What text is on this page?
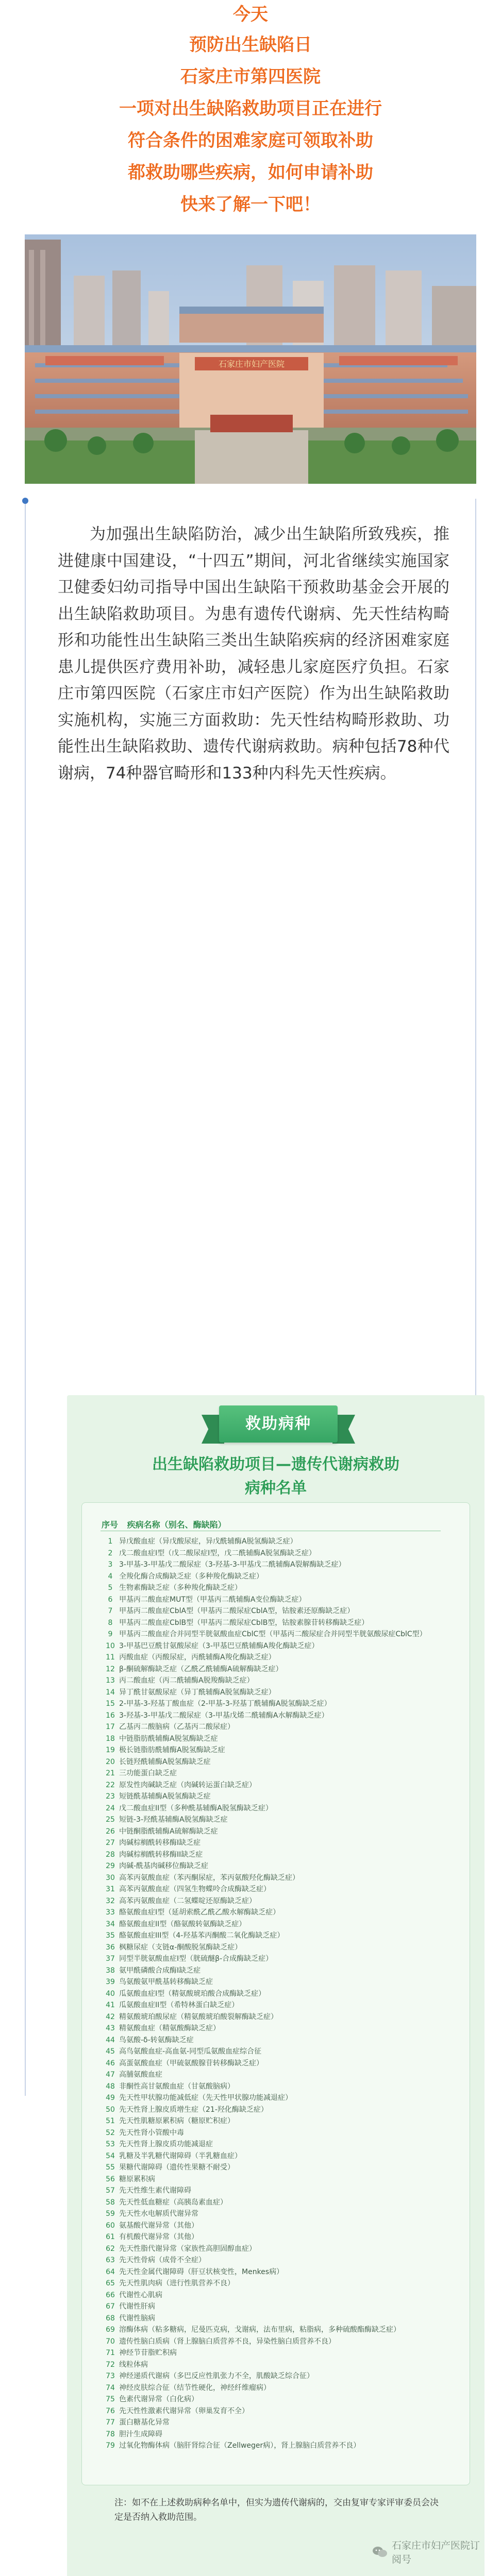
今天
预防出生缺陷日
石家庄市第四医院
一项对出生缺陷救助项目正在进行
符合条件的困难家庭可领取补助
都救助哪些疾病，如何申请补助
快来了解一下吧！
石家庄市妇产医院

为加强出生缺陷防治，减少出生缺陷所致残疾，推进健康中国建设，“十四五”期间，河北省继续实施国家卫健委妇幼司指导中国出生缺陷干预救助基金会开展的出生缺陷救助项目。为患有遗传代谢病、先天性结构畸形和功能性出生缺陷三类出生缺陷疾病的经济困难家庭患儿提供医疗费用补助，减轻患儿家庭医疗负担。石家庄市第四医院（石家庄市妇产医院）作为出生缺陷救助实施机构，实施三方面救助：先天性结构畸形救助、功能性出生缺陷救助、遗传代谢病救助。病种包括78种代谢病，74种器官畸形和133种内科先天性疾病。

救助病种
出生缺陷救助项目—遗传代谢病救助
病种名单
序号 疾病名称（别名、酶缺陷）
1 异戊酸血症（异戊酸尿症，异戊酰辅酶A脱氢酶缺乏症）
2 戊二酸血症I型（戊二酸尿症I型，戊二酰辅酶A脱氢酶缺乏症）
3 3-甲基-3-甲基戊二酸尿症（3-羟基-3-甲基戊二酰辅酶A裂解酶缺乏症）
4 全羧化酶合成酶缺乏症（多种羧化酶缺乏症）
5 生物素酶缺乏症（多种羧化酶缺乏症）
6 甲基丙二酸血症MUT型（甲基丙二酰辅酶A变位酶缺乏症）
7 甲基丙二酸血症CblA型（甲基丙二酸尿症CblA型，钴胺素还原酶缺乏症）
8 甲基丙二酸血症CblB型（甲基丙二酸尿症CblB型，钴胺素腺苷转移酶缺乏症）
9 甲基丙二酸血症合并同型半胱氨酸血症CblC型（甲基丙二酸尿症合并同型半胱氨酸尿症CblC型）
10 3-甲基巴豆酰甘氨酸尿症（3-甲基巴豆酰辅酶A羧化酶缺乏症）
11 丙酸血症（丙酸尿症，丙酰辅酶A羧化酶缺乏症）
12 β-酮硫解酶缺乏症（乙酰乙酰辅酶A硫解酶缺乏症）
13 丙二酸血症（丙二酰辅酶A脱羧酶缺乏症）
14 异丁酰甘氨酸尿症（异丁酰辅酶A脱氢酶缺乏症）
15 2-甲基-3-羟基丁酸血症（2-甲基-3-羟基丁酰辅酶A脱氢酶缺乏症）
16 3-羟基-3-甲基戊二酸尿症（3-甲基戊烯二酰辅酶A水解酶缺乏症）
17 乙基丙二酸脑病（乙基丙二酸尿症）
18 中链脂肪酰辅酶A脱氢酶缺乏症
19 极长链脂肪酰辅酶A脱氢酶缺乏症
20 长链羟酰辅酶A脱氢酶缺乏症
21 三功能蛋白缺乏症
22 原发性肉碱缺乏症（肉碱转运蛋白缺乏症）
23 短链酰基辅酶A脱氢酶缺乏症
24 戊二酸血症II型（多种酰基辅酶A脱氢酶缺乏症）
25 短链-3-羟酰基辅酶A脱氢酶缺乏症
26 中链酮脂酰辅酶A硫解酶缺乏症
27 肉碱棕榈酰转移酶I缺乏症
28 肉碱棕榈酰转移酶II缺乏症
29 肉碱-酰基肉碱移位酶缺乏症
30 高苯丙氨酸血症（苯丙酮尿症，苯丙氨酸羟化酶缺乏症）
31 高苯丙氨酸血症（四氢生物蝶呤合成酶缺乏症）
32 高苯丙氨酸血症（二氢蝶啶还原酶缺乏症）
33 酪氨酸血症I型（延胡索酰乙酰乙酸水解酶缺乏症）
34 酪氨酸血症II型（酪氨酸转氨酶缺乏症）
35 酪氨酸血症III型（4-羟基苯丙酮酸二氧化酶缺乏症）
36 枫糖尿症（支链α-酮酸脱氢酶缺乏症）
37 同型半胱氨酸血症I型（胱硫醚β-合成酶缺乏症）
38 氨甲酰磷酸合成酶I缺乏症
39 鸟氨酸氨甲酰基转移酶缺乏症
40 瓜氨酸血症I型（精氨酸琥珀酸合成酶缺乏症）
41 瓜氨酸血症II型（希特林蛋白缺乏症）
42 精氨酸琥珀酸尿症（精氨酸琥珀酸裂解酶缺乏症）
43 精氨酸血症（精氨酸酶缺乏症）
44 鸟氨酸-δ-转氨酶缺乏症
45 高鸟氨酸血症-高血氨-同型瓜氨酸血症综合征
46 高蛋氨酸血症（甲硫氨酸腺苷转移酶缺乏症）
47 高脯氨酸血症
48 非酮性高甘氨酸血症（甘氨酸脑病）
49 先天性甲状腺功能减低症（先天性甲状腺功能减退症）
50 先天性肾上腺皮质增生症（21-羟化酶缺乏症）
51 先天性肌糖原累积病（糖原贮积症）
52 先天性肾小管酸中毒
53 先天性肾上腺皮质功能减退症
54 乳糖及半乳糖代谢障碍（半乳糖血症）
55 果糖代谢障碍（遗传性果糖不耐受）
56 糖原累积病
57 先天性维生素代谢障碍
58 先天性低血糖症（高胰岛素血症）
59 先天性水电解质代谢异常
60 氨基酸代谢异常（其他）
61 有机酸代谢异常（其他）
62 先天性脂代谢异常（家族性高胆固醇血症）
63 先天性骨病（成骨不全症）
64 先天性金属代谢障碍（肝豆状核变性，Menkes病）
65 先天性肌肉病（进行性肌营养不良）
66 代谢性心肌病
67 代谢性肝病
68 代谢性脑病
69 溶酶体病（粘多糖病，尼曼匹克病，戈谢病，法布里病，粘脂病，多种硫酸酯酶缺乏症）
70 遗传性脑白质病（肾上腺脑白质营养不良，异染性脑白质营养不良）
71 神经节苷脂贮积病
72 线粒体病
73 神经递质代谢病（多巴反应性肌张力不全，肌酸缺乏综合征）
74 神经皮肤综合征（结节性硬化，神经纤维瘤病）
75 色素代谢异常（白化病）
76 先天性性激素代谢异常（卵巢发育不全）
77 蛋白糖基化异常
78 胆汁生成障碍
79 过氧化物酶体病（脑肝肾综合征（Zellweger病），肾上腺脑白质营养不良）

注：如不在上述救助病种名单中，但实为遗传代谢病的，交由复审专家评审委员会决定是否纳入救助范围。

石家庄市妇产医院订阅号
